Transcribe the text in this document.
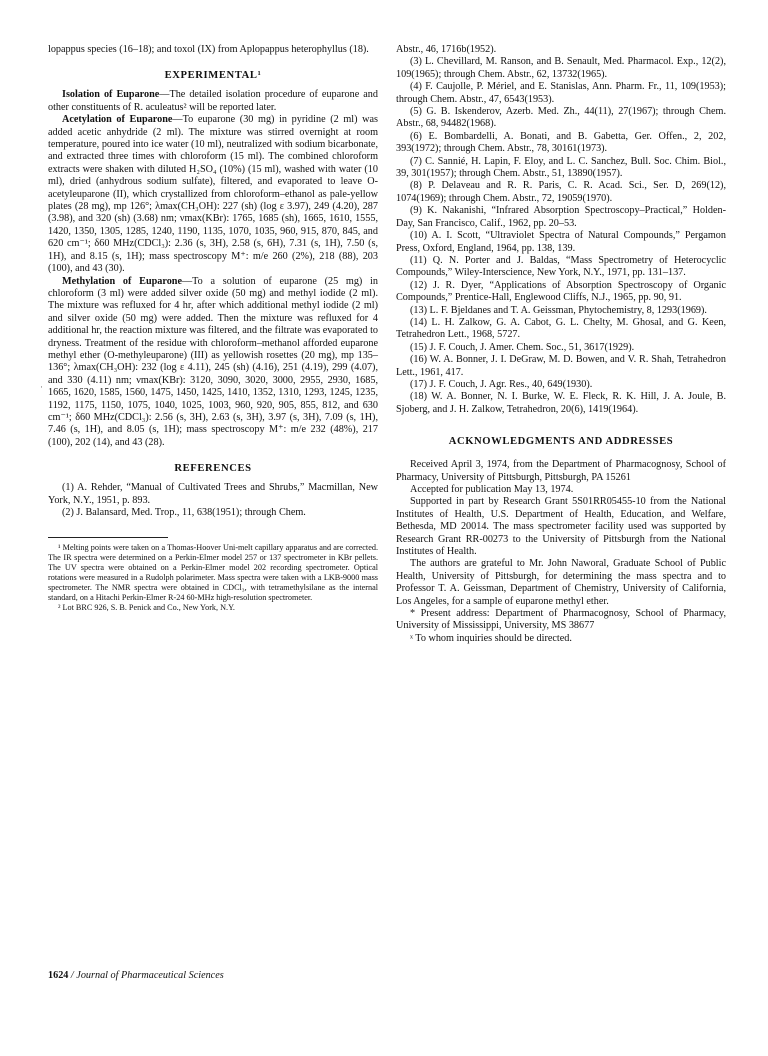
lopappus species (16–18); and toxol (IX) from Aplopappus heterophyllus (18).

EXPERIMENTAL¹

Isolation of Euparone—The detailed isolation procedure of euparone and other constituents of R. aculeatus² will be reported later.

Acetylation of Euparone—To euparone (30 mg) in pyridine (2 ml) was added acetic anhydride (2 ml). The mixture was stirred overnight at room temperature, poured into ice water (10 ml), neutralized with sodium bicarbonate, and extracted three times with chloroform (15 ml). The combined chloroform extracts were shaken with diluted H₂SO₄ (10%) (15 ml), washed with water (10 ml), dried (anhydrous sodium sulfate), filtered, and evaporated to leave O-acetyleuparone (II), which crystallized from chloroform–ethanol as pale-yellow plates (28 mg), mp 126°; λmax(CH₃OH): 227 (sh) (log ε 3.97), 249 (4.20), 287 (3.98), and 320 (sh) (3.68) nm; νmax(KBr): 1765, 1685 (sh), 1665, 1610, 1555, 1420, 1350, 1305, 1285, 1240, 1190, 1135, 1070, 1035, 960, 915, 870, 845, and 620 cm⁻¹; δ60 MHz(CDCl₃): 2.36 (s, 3H), 2.58 (s, 6H), 7.31 (s, 1H), 7.50 (s, 1H), and 8.15 (s, 1H); mass spectroscopy M⁺: m/e 260 (2%), 218 (88), 203 (100), and 43 (30).

Methylation of Euparone—To a solution of euparone (25 mg) in chloroform (3 ml) were added silver oxide (50 mg) and methyl iodide (2 ml). The mixture was refluxed for 4 hr, after which additional methyl iodide (2 ml) and silver oxide (50 mg) were added. Then the mixture was refluxed for 4 additional hr, the reaction mixture was filtered, and the filtrate was evaporated to dryness. Treatment of the residue with chloroform–methanol afforded euparone methyl ether (O-methyleuparone) (III) as yellowish rosettes (20 mg), mp 135–136°; λmax(CH₃OH): 232 (log ε 4.11), 245 (sh) (4.16), 251 (4.19), 299 (4.07), and 330 (4.11) nm; νmax(KBr): 3120, 3090, 3020, 3000, 2955, 2930, 1685, 1665, 1620, 1585, 1560, 1475, 1450, 1425, 1410, 1352, 1310, 1293, 1245, 1235, 1192, 1175, 1150, 1075, 1040, 1025, 1003, 960, 920, 905, 855, 812, and 630 cm⁻¹; δ60 MHz(CDCl₃): 2.56 (s, 3H), 2.63 (s, 3H), 3.97 (s, 3H), 7.09 (s, 1H), 7.46 (s, 1H), and 8.05 (s, 1H); mass spectroscopy M⁺: m/e 232 (48%), 217 (100), 202 (14), and 43 (28).

REFERENCES

(1) A. Rehder, “Manual of Cultivated Trees and Shrubs,” Macmillan, New York, N.Y., 1951, p. 893.

(2) J. Balansard, Med. Trop., 11, 638(1951); through Chem.

¹ Melting points were taken on a Thomas-Hoover Uni-melt capillary apparatus and are corrected. The IR spectra were determined on a Perkin-Elmer model 257 or 137 spectrometer in KBr pellets. The UV spectra were obtained on a Perkin-Elmer model 202 recording spectrometer. Optical rotations were measured in a Rudolph polarimeter. Mass spectra were taken with a LKB-9000 mass spectrometer. The NMR spectra were obtained in CDCl₃, with tetramethylsilane as the internal standard, on a Hitachi Perkin-Elmer R-24 60-MHz high-resolution spectrometer.

² Lot BRC 926, S. B. Penick and Co., New York, N.Y.

Abstr., 46, 1716b(1952).

(3) L. Chevillard, M. Ranson, and B. Senault, Med. Pharmacol. Exp., 12(2), 109(1965); through Chem. Abstr., 62, 13732(1965).

(4) F. Caujolle, P. Mériel, and E. Stanislas, Ann. Pharm. Fr., 11, 109(1953); through Chem. Abstr., 47, 6543(1953).

(5) G. B. Iskenderov, Azerb. Med. Zh., 44(11), 27(1967); through Chem. Abstr., 68, 94482(1968).

(6) E. Bombardelli, A. Bonati, and B. Gabetta, Ger. Offen., 2, 202, 393(1972); through Chem. Abstr., 78, 30161(1973).

(7) C. Sannié, H. Lapin, F. Eloy, and L. C. Sanchez, Bull. Soc. Chim. Biol., 39, 301(1957); through Chem. Abstr., 51, 13890(1957).

(8) P. Delaveau and R. R. Paris, C. R. Acad. Sci., Ser. D, 269(12), 1074(1969); through Chem. Abstr., 72, 19059(1970).

(9) K. Nakanishi, “Infrared Absorption Spectroscopy–Practical,” Holden-Day, San Francisco, Calif., 1962, pp. 20–53.

(10) A. I. Scott, “Ultraviolet Spectra of Natural Compounds,” Pergamon Press, Oxford, England, 1964, pp. 138, 139.

(11) Q. N. Porter and J. Baldas, “Mass Spectrometry of Heterocyclic Compounds,” Wiley-Interscience, New York, N.Y., 1971, pp. 131–137.

(12) J. R. Dyer, “Applications of Absorption Spectroscopy of Organic Compounds,” Prentice-Hall, Englewood Cliffs, N.J., 1965, pp. 90, 91.

(13) L. F. Bjeldanes and T. A. Geissman, Phytochemistry, 8, 1293(1969).

(14) L. H. Zalkow, G. A. Cabot, G. L. Chelty, M. Ghosal, and G. Keen, Tetrahedron Lett., 1968, 5727.

(15) J. F. Couch, J. Amer. Chem. Soc., 51, 3617(1929).

(16) W. A. Bonner, J. I. DeGraw, M. D. Bowen, and V. R. Shah, Tetrahedron Lett., 1961, 417.

(17) J. F. Couch, J. Agr. Res., 40, 649(1930).

(18) W. A. Bonner, N. I. Burke, W. E. Fleck, R. K. Hill, J. A. Joule, B. Sjoberg, and J. H. Zalkow, Tetrahedron, 20(6), 1419(1964).

ACKNOWLEDGMENTS AND ADDRESSES

Received April 3, 1974, from the Department of Pharmacognosy, School of Pharmacy, University of Pittsburgh, Pittsburgh, PA 15261

Accepted for publication May 13, 1974.

Supported in part by Research Grant 5S01RR05455-10 from the National Institutes of Health, U.S. Department of Health, Education, and Welfare, Bethesda, MD 20014. The mass spectrometer facility used was supported by Research Grant RR-00273 to the University of Pittsburgh from the National Institutes of Health.

The authors are grateful to Mr. John Naworal, Graduate School of Public Health, University of Pittsburgh, for determining the mass spectra and to Professor T. A. Geissman, Department of Chemistry, University of California, Los Angeles, for a sample of euparone methyl ether.

* Present address: Department of Pharmacognosy, School of Pharmacy, University of Mississippi, University, MS 38677

ˣ To whom inquiries should be directed.

·
1624 / Journal of Pharmaceutical Sciences
